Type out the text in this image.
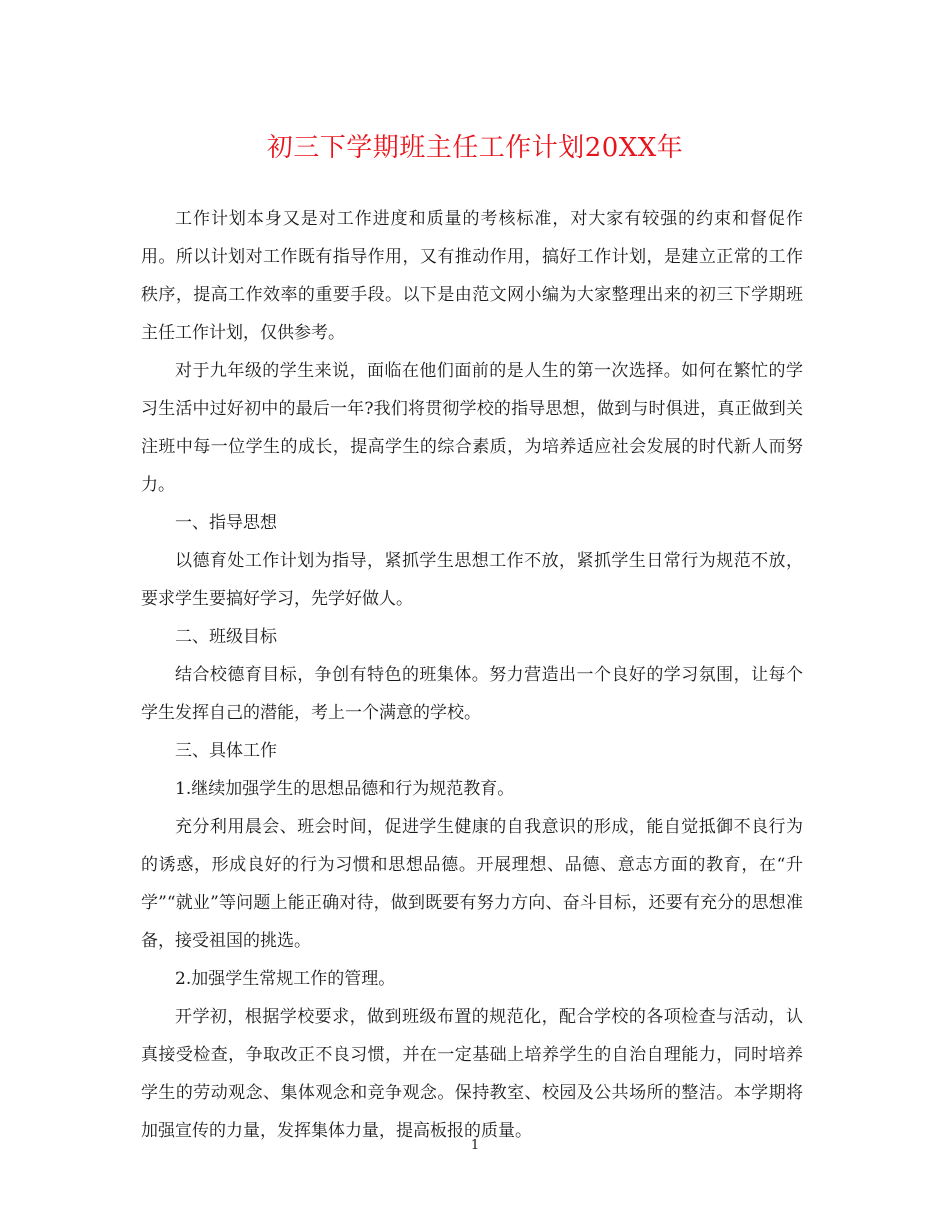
初三下学期班主任工作计划20XX年

工作计划本身又是对工作进度和质量的考核标准，对大家有较强的约束和督促作用。所以计划对工作既有指导作用，又有推动作用，搞好工作计划，是建立正常的工作秩序，提高工作效率的重要手段。以下是由范文网小编为大家整理出来的初三下学期班主任工作计划，仅供参考。

对于九年级的学生来说，面临在他们面前的是人生的第一次选择。如何在繁忙的学习生活中过好初中的最后一年?我们将贯彻学校的指导思想，做到与时俱进，真正做到关注班中每一位学生的成长，提高学生的综合素质，为培养适应社会发展的时代新人而努力。

一、指导思想

以德育处工作计划为指导，紧抓学生思想工作不放，紧抓学生日常行为规范不放，要求学生要搞好学习，先学好做人。

二、班级目标

结合校德育目标，争创有特色的班集体。努力营造出一个良好的学习氛围，让每个学生发挥自己的潜能，考上一个满意的学校。

三、具体工作

1.继续加强学生的思想品德和行为规范教育。

充分利用晨会、班会时间，促进学生健康的自我意识的形成，能自觉抵御不良行为的诱惑，形成良好的行为习惯和思想品德。开展理想、品德、意志方面的教育，在“升学”“就业”等问题上能正确对待，做到既要有努力方向、奋斗目标，还要有充分的思想准备，接受祖国的挑选。

2.加强学生常规工作的管理。

开学初，根据学校要求，做到班级布置的规范化，配合学校的各项检查与活动，认真接受检查，争取改正不良习惯，并在一定基础上培养学生的自治自理能力，同时培养学生的劳动观念、集体观念和竞争观念。保持教室、校园及公共场所的整洁。本学期将加强宣传的力量，发挥集体力量，提高板报的质量。

1
